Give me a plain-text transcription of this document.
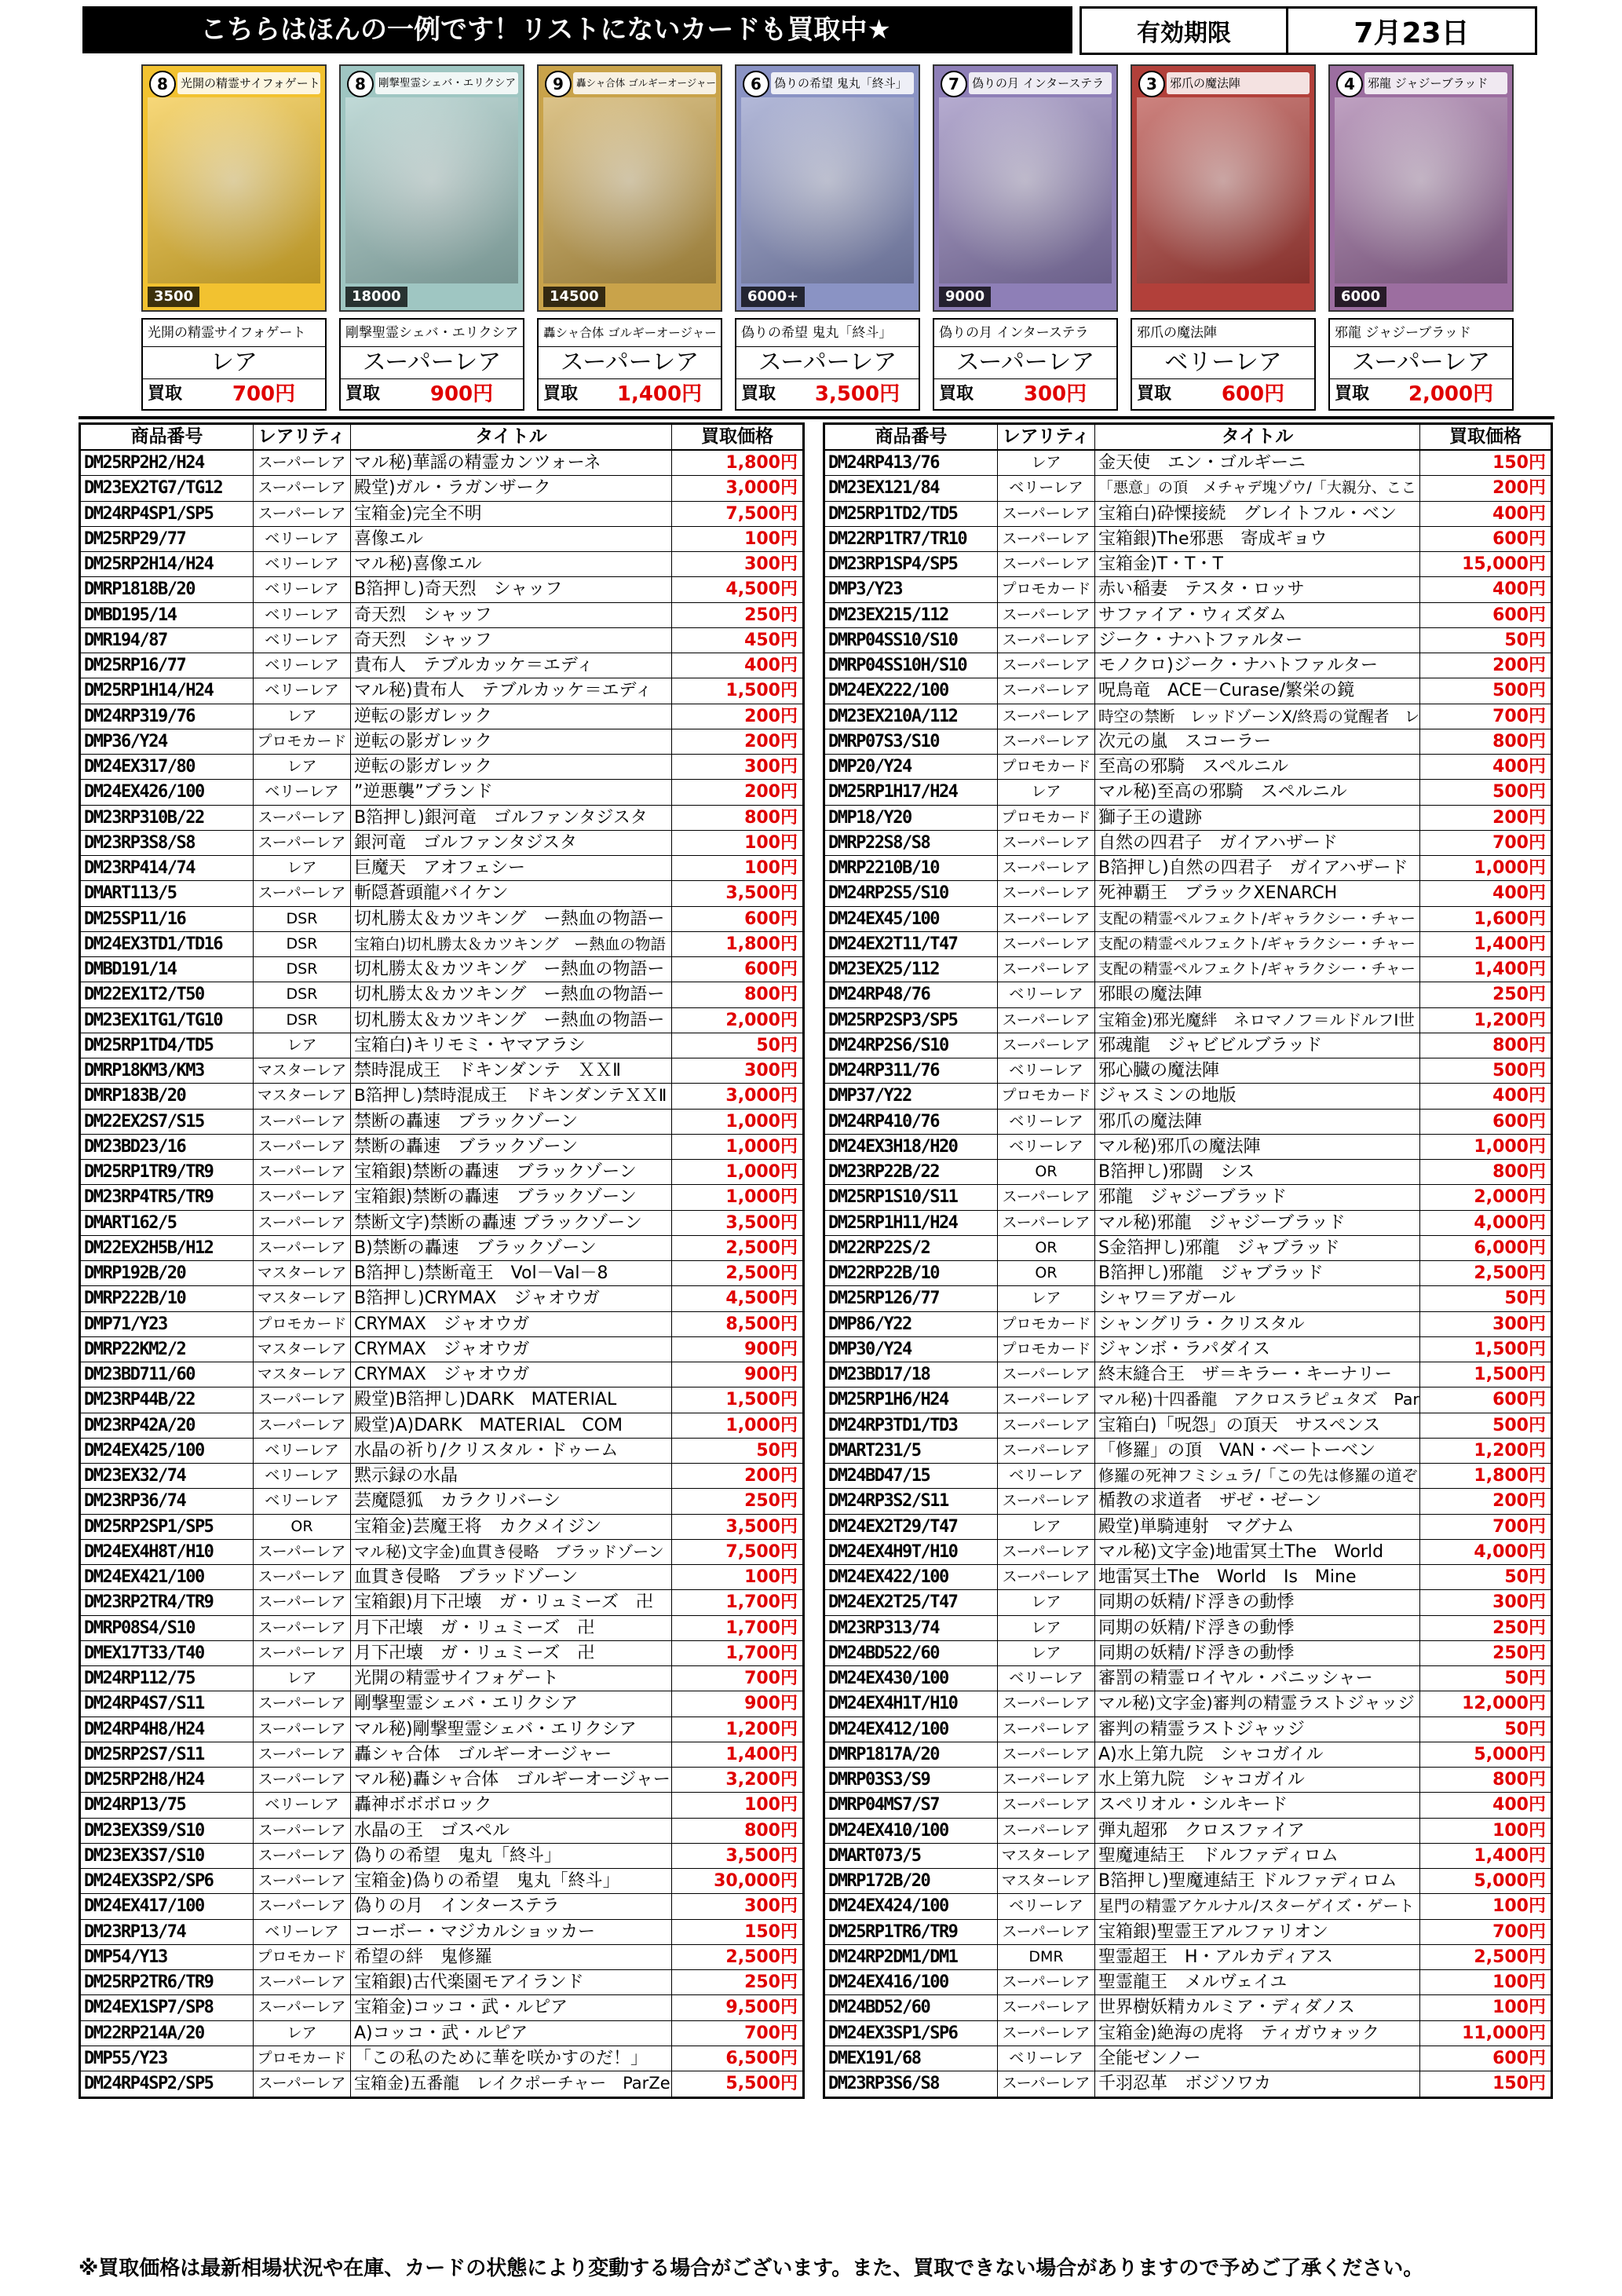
こちらはほんの一例です！リストにないカードも買取中★	有効期限	7月23日
8	光開の精霊サイフォゲート
3500
光開の精霊サイフォゲート
レア
買取	700円
8	剛撃聖霊シェバ・エリクシア
18000
剛撃聖霊シェバ・エリクシア
スーパーレア
買取	900円
9	轟シャ合体 ゴルギーオージャー
14500
轟シャ合体 ゴルギーオージャー
スーパーレア
買取	1,400円
6	偽りの希望 鬼丸「終斗」
6000+
偽りの希望 鬼丸「終斗」
スーパーレア
買取	3,500円
7	偽りの月 インターステラ
9000
偽りの月 インターステラ
スーパーレア
買取	300円
3	邪爪の魔法陣
邪爪の魔法陣
ベリーレア
買取	600円
4	邪龍 ジャジーブラッド
6000
邪龍 ジャジーブラッド
スーパーレア
買取	2,000円
商品番号	レアリティ	タイトル	買取価格
DM25RP2H2/H24	スーパーレア マル秘)華謡の精霊カンツォーネ	1,800円
DM23EX2TG7/TG12	スーパーレア 殿堂)ガル・ラガンザーク	3,000円
DM24RP4SP1/SP5	スーパーレア 宝箱金)完全不明	7,500円
DM25RP29/77	ベリーレア 喜像エル	100円
DM25RP2H14/H24	ベリーレア マル秘)喜像エル	300円
DMRP1818B/20	ベリーレア B箔押し)奇天烈　シャッフ	4,500円
DMBD195/14	ベリーレア 奇天烈　シャッフ	250円
DMR194/87	ベリーレア 奇天烈　シャッフ	450円
DM25RP16/77	ベリーレア 貴布人　テブルカッケ＝エディ	400円
DM25RP1H14/H24	ベリーレア マル秘)貴布人　テブルカッケ＝エディ	1,500円
DM24RP319/76	レア	逆転の影ガレック	200円
DMP36/Y24	プロモカード 逆転の影ガレック	200円
DM24EX317/80	レア	逆転の影ガレック	300円
DM24EX426/100	ベリーレア ”逆悪襲”ブランド	200円
DM23RP310B/22	スーパーレア B箔押し)銀河竜　ゴルファンタジスタ	800円
DM23RP3S8/S8	スーパーレア 銀河竜　ゴルファンタジスタ	100円
DM23RP414/74	レア	巨魔天　アオフェシー	100円
DMART113/5	スーパーレア 斬隠蒼頭龍バイケン	3,500円
DM25SP11/16	DSR	切札勝太＆カツキング　ー熱血の物語ー	600円
DM24EX3TD1/TD16	DSR	宝箱白)切札勝太＆カツキング　ー熱血の物語	1,800円
DMBD191/14	DSR	切札勝太＆カツキング　ー熱血の物語ー	600円
DM22EX1T2/T50	DSR	切札勝太＆カツキング　ー熱血の物語ー	800円
DM23EX1TG1/TG10	DSR	切札勝太＆カツキング　ー熱血の物語ー	2,000円
DM25RP1TD4/TD5	レア	宝箱白)キリモミ・ヤマアラシ	50円
DMRP18KM3/KM3	マスターレア 禁時混成王　ドキンダンテ　ＸＸⅡ	300円
DMRP183B/20	マスターレア B箔押し)禁時混成王　ドキンダンテＸＸⅡ	3,000円
DM22EX2S7/S15	スーパーレア 禁断の轟速　ブラックゾーン	1,000円
DM23BD23/16	スーパーレア 禁断の轟速　ブラックゾーン	1,000円
DM25RP1TR9/TR9	スーパーレア 宝箱銀)禁断の轟速　ブラックゾーン	1,000円
DM23RP4TR5/TR9	スーパーレア 宝箱銀)禁断の轟速　ブラックゾーン	1,000円
DMART162/5	スーパーレア 禁断文字)禁断の轟速 ブラックゾーン	3,500円
DM22EX2H5B/H12	スーパーレア B)禁断の轟速　ブラックゾーン	2,500円
DMRP192B/20	マスターレア B箔押し)禁断竜王　Vol－Val－8	2,500円
DMRP222B/10	マスターレア B箔押し)CRYMAX　ジャオウガ	4,500円
DMP71/Y23	プロモカード CRYMAX　ジャオウガ	8,500円
DMRP22KM2/2	マスターレア CRYMAX　ジャオウガ	900円
DM23BD711/60	マスターレア CRYMAX　ジャオウガ	900円
DM23RP44B/22	スーパーレア 殿堂)B箔押し)DARK　MATERIAL	1,500円
DM23RP42A/20	スーパーレア 殿堂)A)DARK　MATERIAL　COM	1,000円
DM24EX425/100	ベリーレア 水晶の祈り/クリスタル・ドゥーム	50円
DM23EX32/74	ベリーレア 黙示録の水晶	200円
DM23RP36/74	ベリーレア 芸魔隠狐　カラクリバーシ	250円
DM25RP2SP1/SP5	OR	宝箱金)芸魔王将　カクメイジン	3,500円
DM24EX4H8T/H10	スーパーレア マル秘)文字金)血貫き侵略　ブラッドゾーン	7,500円
DM24EX421/100	スーパーレア 血貫き侵略　ブラッドゾーン	100円
DM23RP2TR4/TR9	スーパーレア 宝箱銀)月下卍壊　ガ・リュミーズ　卍	1,700円
DMRP08S4/S10	スーパーレア 月下卍壊　ガ・リュミーズ　卍	1,700円
DMEX17T33/T40	スーパーレア 月下卍壊　ガ・リュミーズ　卍	1,700円
DM24RP112/75	レア	光開の精霊サイフォゲート	700円
DM24RP4S7/S11	スーパーレア 剛撃聖霊シェバ・エリクシア	900円
DM24RP4H8/H24	スーパーレア マル秘)剛撃聖霊シェバ・エリクシア	1,200円
DM25RP2S7/S11	スーパーレア 轟シャ合体　ゴルギーオージャー	1,400円
DM25RP2H8/H24	スーパーレア マル秘)轟シャ合体　ゴルギーオージャー	3,200円
DM24RP13/75	ベリーレア 轟神ボボボロック	100円
DM23EX3S9/S10	スーパーレア 水晶の王　ゴスペル	800円
DM23EX3S7/S10	スーパーレア 偽りの希望　鬼丸「終斗」	3,500円
DM24EX3SP2/SP6	スーパーレア 宝箱金)偽りの希望　鬼丸「終斗」	30,000円
DM24EX417/100	スーパーレア 偽りの月　インターステラ	300円
DM23RP13/74	ベリーレア コーボー・マジカルショッカー	150円
DMP54/Y13	プロモカード 希望の絆　鬼修羅	2,500円
DM25RP2TR6/TR9	スーパーレア 宝箱銀)古代楽園モアイランド	250円
DM24EX1SP7/SP8	スーパーレア 宝箱金)コッコ・武・ルピア	9,500円
DM22RP214A/20	レア	A)コッコ・武・ルピア	700円
DMP55/Y23	プロモカード 「この私のために華を咲かすのだ！」	6,500円
DM24RP4SP2/SP5	スーパーレア 宝箱金)五番龍　レイクポーチャー　ParZe	5,500円
商品番号	レアリティ	タイトル	買取価格
DM24RP413/76	レア	金天使　エン・ゴルギーニ	150円
DM23EX121/84	ベリーレア	「悪意」の頂　メチャデ塊ゾウ/「大親分、ここ	200円
DM25RP1TD2/TD5	スーパーレア 宝箱白)砕慄接続　グレイトフル・ベン	400円
DM22RP1TR7/TR10	スーパーレア 宝箱銀)The邪悪　寄成ギョウ	600円
DM23RP1SP4/SP5	スーパーレア 宝箱金)T・T・T	15,000円
DMP3/Y23	プロモカード 赤い稲妻　テスタ・ロッサ	400円
DM23EX215/112	スーパーレア サファイア・ウィズダム	600円
DMRP04SS10/S10	スーパーレア ジーク・ナハトファルター	50円
DMRP04SS10H/S10	スーパーレア モノクロ)ジーク・ナハトファルター	200円
DM24EX222/100	スーパーレア 呪鳥竜　ACE－Curase/繁栄の鏡	500円
DM23EX210A/112	スーパーレア 時空の禁断　レッドゾーンX/終焉の覚醒者　レ	700円
DMRP07S3/S10	スーパーレア 次元の嵐　スコーラー	800円
DMP20/Y24	プロモカード 至高の邪騎　スペルニル	400円
DM25RP1H17/H24	レア	マル秘)至高の邪騎　スペルニル	500円
DMP18/Y20	プロモカード 獅子王の遺跡	200円
DMRP22S8/S8	スーパーレア 自然の四君子　ガイアハザード	700円
DMRP2210B/10	スーパーレア B箔押し)自然の四君子　ガイアハザード	1,000円
DM24RP2S5/S10	スーパーレア 死神覇王　ブラックXENARCH	400円
DM24EX45/100	スーパーレア 支配の精霊ペルフェクト/ギャラクシー・チャー	1,600円
DM24EX2T11/T47	スーパーレア 支配の精霊ペルフェクト/ギャラクシー・チャー	1,400円
DM23EX25/112	スーパーレア 支配の精霊ペルフェクト/ギャラクシー・チャー	1,400円
DM24RP48/76	ベリーレア 邪眼の魔法陣	250円
DM25RP2SP3/SP5	スーパーレア 宝箱金)邪光魔絆　ネロマノフ＝ルドルフⅠ世	1,200円
DM24RP2S6/S10	スーパーレア 邪魂龍　ジャビビルブラッド	800円
DM24RP311/76	ベリーレア 邪心臓の魔法陣	500円
DMP37/Y22	プロモカード ジャスミンの地版	400円
DM24RP410/76	ベリーレア 邪爪の魔法陣	600円
DM24EX3H18/H20	ベリーレア マル秘)邪爪の魔法陣	1,000円
DM23RP22B/22	OR	B箔押し)邪闘　シス	800円
DM25RP1S10/S11	スーパーレア 邪龍　ジャジーブラッド	2,000円
DM25RP1H11/H24	スーパーレア マル秘)邪龍　ジャジーブラッド	4,000円
DM22RP22S/2	OR	S金箔押し)邪龍　ジャブラッド	6,000円
DM22RP22B/10	OR	B箔押し)邪龍　ジャブラッド	2,500円
DM25RP126/77	レア	シャワ＝アガール	50円
DMP86/Y22	プロモカード シャングリラ・クリスタル	300円
DMP30/Y24	プロモカード ジャンボ・ラパダイス	1,500円
DM23BD17/18	スーパーレア 終末縫合王　ザ＝キラー・キーナリー	1,500円
DM25RP1H6/H24	スーパーレア マル秘)十四番龍　アクロスラピュタズ　Par	600円
DM24RP3TD1/TD3	スーパーレア 宝箱白)「呪怨」の頂天　サスペンス	500円
DMART231/5	スーパーレア 「修羅」の頂　VAN・ベートーベン	1,200円
DM24BD47/15	ベリーレア 修羅の死神フミシュラ/「この先は修羅の道ぞ	1,800円
DM24RP3S2/S11	スーパーレア 楯教の求道者　ザゼ・ゼーン	200円
DM24EX2T29/T47	レア	殿堂)単騎連射　マグナム	700円
DM24EX4H9T/H10	スーパーレア マル秘)文字金)地雷冥土The　World	4,000円
DM24EX422/100	スーパーレア 地雷冥土The　World　Is　Mine	50円
DM24EX2T25/T47	レア	同期の妖精/ド浮きの動悸	300円
DM23RP313/74	レア	同期の妖精/ド浮きの動悸	250円
DM24BD522/60	レア	同期の妖精/ド浮きの動悸	250円
DM24EX430/100	ベリーレア 審罰の精霊ロイヤル・バニッシャー	50円
DM24EX4H1T/H10	スーパーレア マル秘)文字金)審判の精霊ラストジャッジ	12,000円
DM24EX412/100	スーパーレア 審判の精霊ラストジャッジ	50円
DMRP1817A/20	スーパーレア A)水上第九院　シャコガイル	5,000円
DMRP03S3/S9	スーパーレア 水上第九院　シャコガイル	800円
DMRP04MS7/S7	スーパーレア スペリオル・シルキード	400円
DM24EX410/100	スーパーレア 弾丸超邪　クロスファイア	100円
DMART073/5	マスターレア 聖魔連結王　ドルファディロム	1,400円
DMRP172B/20	マスターレア B箔押し)聖魔連結王 ドルファディロム	5,000円
DM24EX424/100	ベリーレア 星門の精霊アケルナル/スターゲイズ・ゲート	100円
DM25RP1TR6/TR9	スーパーレア 宝箱銀)聖霊王アルファリオン	700円
DM24RP2DM1/DM1	DMR	聖霊超王　H・アルカディアス	2,500円
DM24EX416/100	スーパーレア 聖霊龍王　メルヴェイユ	100円
DM24BD52/60	スーパーレア 世界樹妖精カルミア・ディダノス	100円
DM24EX3SP1/SP6	スーパーレア 宝箱金)絶海の虎将　ティガウォック	11,000円
DMEX191/68	ベリーレア 全能ゼンノー	600円
DM23RP3S6/S8	スーパーレア 千羽忍革　ボジソワカ	150円
※買取価格は最新相場状況や在庫、カードの状態により変動する場合がございます。また、買取できない場合がありますので予めご了承ください。
